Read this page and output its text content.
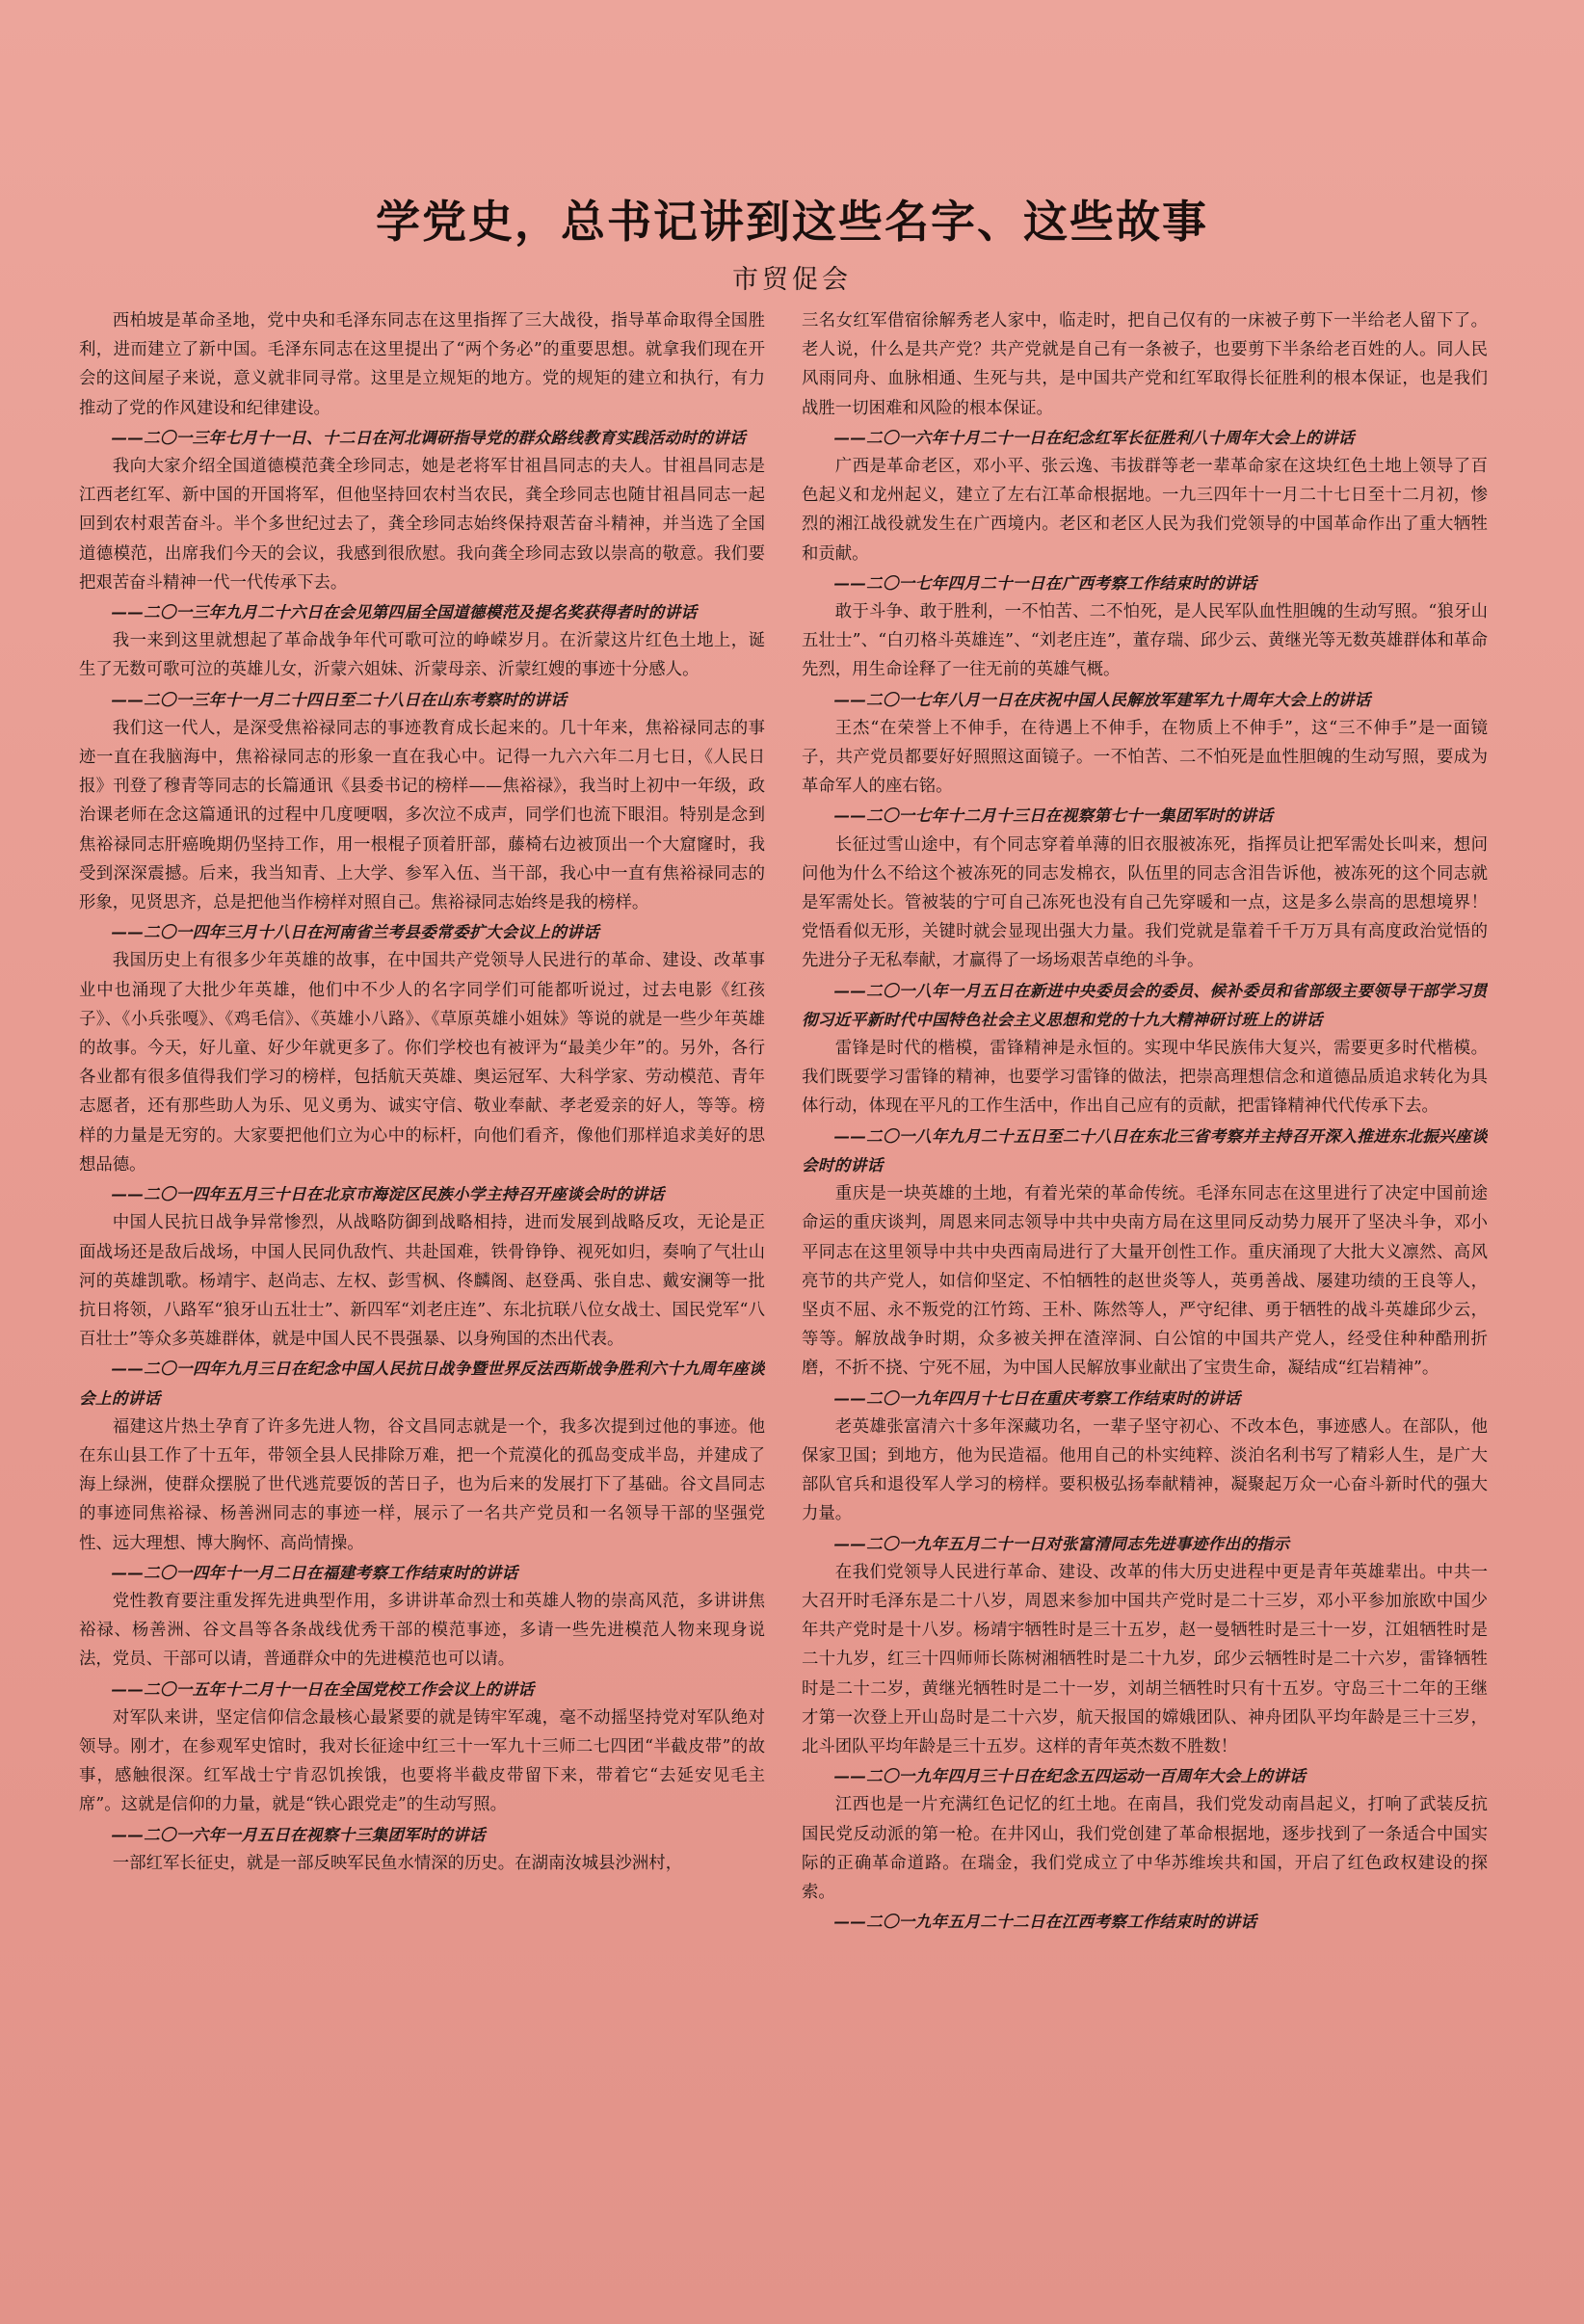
学党史，总书记讲到这些名字、这些故事
市贸促会

西柏坡是革命圣地，党中央和毛泽东同志在这里指挥了三大战役，指导革命取得全国胜利，进而建立了新中国。毛泽东同志在这里提出了“两个务必”的重要思想。就拿我们现在开会的这间屋子来说，意义就非同寻常。这里是立规矩的地方。党的规矩的建立和执行，有力推动了党的作风建设和纪律建设。

——二〇一三年七月十一日、十二日在河北调研指导党的群众路线教育实践活动时的讲话

我向大家介绍全国道德模范龚全珍同志，她是老将军甘祖昌同志的夫人。甘祖昌同志是江西老红军、新中国的开国将军，但他坚持回农村当农民，龚全珍同志也随甘祖昌同志一起回到农村艰苦奋斗。半个多世纪过去了，龚全珍同志始终保持艰苦奋斗精神，并当选了全国道德模范，出席我们今天的会议，我感到很欣慰。我向龚全珍同志致以崇高的敬意。我们要把艰苦奋斗精神一代一代传承下去。

——二〇一三年九月二十六日在会见第四届全国道德模范及提名奖获得者时的讲话

我一来到这里就想起了革命战争年代可歌可泣的峥嵘岁月。在沂蒙这片红色土地上，诞生了无数可歌可泣的英雄儿女，沂蒙六姐妹、沂蒙母亲、沂蒙红嫂的事迹十分感人。

——二〇一三年十一月二十四日至二十八日在山东考察时的讲话

我们这一代人，是深受焦裕禄同志的事迹教育成长起来的。几十年来，焦裕禄同志的事迹一直在我脑海中，焦裕禄同志的形象一直在我心中。记得一九六六年二月七日，《人民日报》刊登了穆青等同志的长篇通讯《县委书记的榜样——焦裕禄》，我当时上初中一年级，政治课老师在念这篇通讯的过程中几度哽咽，多次泣不成声，同学们也流下眼泪。特别是念到焦裕禄同志肝癌晚期仍坚持工作，用一根棍子顶着肝部，藤椅右边被顶出一个大窟窿时，我受到深深震撼。后来，我当知青、上大学、参军入伍、当干部，我心中一直有焦裕禄同志的形象，见贤思齐，总是把他当作榜样对照自己。焦裕禄同志始终是我的榜样。

——二〇一四年三月十八日在河南省兰考县委常委扩大会议上的讲话

我国历史上有很多少年英雄的故事，在中国共产党领导人民进行的革命、建设、改革事业中也涌现了大批少年英雄，他们中不少人的名字同学们可能都听说过，过去电影《红孩子》、《小兵张嘎》、《鸡毛信》、《英雄小八路》、《草原英雄小姐妹》等说的就是一些少年英雄的故事。今天，好儿童、好少年就更多了。你们学校也有被评为“最美少年”的。另外，各行各业都有很多值得我们学习的榜样，包括航天英雄、奥运冠军、大科学家、劳动模范、青年志愿者，还有那些助人为乐、见义勇为、诚实守信、敬业奉献、孝老爱亲的好人，等等。榜样的力量是无穷的。大家要把他们立为心中的标杆，向他们看齐，像他们那样追求美好的思想品德。

——二〇一四年五月三十日在北京市海淀区民族小学主持召开座谈会时的讲话

中国人民抗日战争异常惨烈，从战略防御到战略相持，进而发展到战略反攻，无论是正面战场还是敌后战场，中国人民同仇敌忾、共赴国难，铁骨铮铮、视死如归，奏响了气壮山河的英雄凯歌。杨靖宇、赵尚志、左权、彭雪枫、佟麟阁、赵登禹、张自忠、戴安澜等一批抗日将领，八路军“狼牙山五壮士”、新四军“刘老庄连”、东北抗联八位女战士、国民党军“八百壮士”等众多英雄群体，就是中国人民不畏强暴、以身殉国的杰出代表。

——二〇一四年九月三日在纪念中国人民抗日战争暨世界反法西斯战争胜利六十九周年座谈会上的讲话

福建这片热土孕育了许多先进人物，谷文昌同志就是一个，我多次提到过他的事迹。他在东山县工作了十五年，带领全县人民排除万难，把一个荒漠化的孤岛变成半岛，并建成了海上绿洲，使群众摆脱了世代逃荒要饭的苦日子，也为后来的发展打下了基础。谷文昌同志的事迹同焦裕禄、杨善洲同志的事迹一样，展示了一名共产党员和一名领导干部的坚强党性、远大理想、博大胸怀、高尚情操。

——二〇一四年十一月二日在福建考察工作结束时的讲话

党性教育要注重发挥先进典型作用，多讲讲革命烈士和英雄人物的崇高风范，多讲讲焦裕禄、杨善洲、谷文昌等各条战线优秀干部的模范事迹，多请一些先进模范人物来现身说法，党员、干部可以请，普通群众中的先进模范也可以请。

——二〇一五年十二月十一日在全国党校工作会议上的讲话

对军队来讲，坚定信仰信念最核心最紧要的就是铸牢军魂，毫不动摇坚持党对军队绝对领导。刚才，在参观军史馆时，我对长征途中红三十一军九十三师二七四团“半截皮带”的故事，感触很深。红军战士宁肯忍饥挨饿，也要将半截皮带留下来，带着它“去延安见毛主席”。这就是信仰的力量，就是“铁心跟党走”的生动写照。

——二〇一六年一月五日在视察十三集团军时的讲话

一部红军长征史，就是一部反映军民鱼水情深的历史。在湖南汝城县沙洲村，

三名女红军借宿徐解秀老人家中，临走时，把自己仅有的一床被子剪下一半给老人留下了。老人说，什么是共产党？共产党就是自己有一条被子，也要剪下半条给老百姓的人。同人民风雨同舟、血脉相通、生死与共，是中国共产党和红军取得长征胜利的根本保证，也是我们战胜一切困难和风险的根本保证。

——二〇一六年十月二十一日在纪念红军长征胜利八十周年大会上的讲话

广西是革命老区，邓小平、张云逸、韦拔群等老一辈革命家在这块红色土地上领导了百色起义和龙州起义，建立了左右江革命根据地。一九三四年十一月二十七日至十二月初，惨烈的湘江战役就发生在广西境内。老区和老区人民为我们党领导的中国革命作出了重大牺牲和贡献。

——二〇一七年四月二十一日在广西考察工作结束时的讲话

敢于斗争、敢于胜利，一不怕苦、二不怕死，是人民军队血性胆魄的生动写照。“狼牙山五壮士”、“白刃格斗英雄连”、“刘老庄连”，董存瑞、邱少云、黄继光等无数英雄群体和革命先烈，用生命诠释了一往无前的英雄气概。

——二〇一七年八月一日在庆祝中国人民解放军建军九十周年大会上的讲话

王杰“在荣誉上不伸手，在待遇上不伸手，在物质上不伸手”，这“三不伸手”是一面镜子，共产党员都要好好照照这面镜子。一不怕苦、二不怕死是血性胆魄的生动写照，要成为革命军人的座右铭。

——二〇一七年十二月十三日在视察第七十一集团军时的讲话

长征过雪山途中，有个同志穿着单薄的旧衣服被冻死，指挥员让把军需处长叫来，想问问他为什么不给这个被冻死的同志发棉衣，队伍里的同志含泪告诉他，被冻死的这个同志就是军需处长。管被装的宁可自己冻死也没有自己先穿暖和一点，这是多么崇高的思想境界！党悟看似无形，关键时就会显现出强大力量。我们党就是靠着千千万万具有高度政治觉悟的先进分子无私奉献，才赢得了一场场艰苦卓绝的斗争。

——二〇一八年一月五日在新进中央委员会的委员、候补委员和省部级主要领导干部学习贯彻习近平新时代中国特色社会主义思想和党的十九大精神研讨班上的讲话

雷锋是时代的楷模，雷锋精神是永恒的。实现中华民族伟大复兴，需要更多时代楷模。我们既要学习雷锋的精神，也要学习雷锋的做法，把崇高理想信念和道德品质追求转化为具体行动，体现在平凡的工作生活中，作出自己应有的贡献，把雷锋精神代代传承下去。

——二〇一八年九月二十五日至二十八日在东北三省考察并主持召开深入推进东北振兴座谈会时的讲话

重庆是一块英雄的土地，有着光荣的革命传统。毛泽东同志在这里进行了决定中国前途命运的重庆谈判，周恩来同志领导中共中央南方局在这里同反动势力展开了坚决斗争，邓小平同志在这里领导中共中央西南局进行了大量开创性工作。重庆涌现了大批大义凛然、高风亮节的共产党人，如信仰坚定、不怕牺牲的赵世炎等人，英勇善战、屡建功绩的王良等人，坚贞不屈、永不叛党的江竹筠、王朴、陈然等人，严守纪律、勇于牺牲的战斗英雄邱少云，等等。解放战争时期，众多被关押在渣滓洞、白公馆的中国共产党人，经受住种种酷刑折磨，不折不挠、宁死不屈，为中国人民解放事业献出了宝贵生命，凝结成“红岩精神”。

——二〇一九年四月十七日在重庆考察工作结束时的讲话

老英雄张富清六十多年深藏功名，一辈子坚守初心、不改本色，事迹感人。在部队，他保家卫国；到地方，他为民造福。他用自己的朴实纯粹、淡泊名利书写了精彩人生，是广大部队官兵和退役军人学习的榜样。要积极弘扬奉献精神，凝聚起万众一心奋斗新时代的强大力量。

——二〇一九年五月二十一日对张富清同志先进事迹作出的指示

在我们党领导人民进行革命、建设、改革的伟大历史进程中更是青年英雄辈出。中共一大召开时毛泽东是二十八岁，周恩来参加中国共产党时是二十三岁，邓小平参加旅欧中国少年共产党时是十八岁。杨靖宇牺牲时是三十五岁，赵一曼牺牲时是三十一岁，江姐牺牲时是二十九岁，红三十四师师长陈树湘牺牲时是二十九岁，邱少云牺牲时是二十六岁，雷锋牺牲时是二十二岁，黄继光牺牲时是二十一岁，刘胡兰牺牲时只有十五岁。守岛三十二年的王继才第一次登上开山岛时是二十六岁，航天报国的嫦娥团队、神舟团队平均年龄是三十三岁，北斗团队平均年龄是三十五岁。这样的青年英杰数不胜数！

——二〇一九年四月三十日在纪念五四运动一百周年大会上的讲话

江西也是一片充满红色记忆的红土地。在南昌，我们党发动南昌起义，打响了武装反抗国民党反动派的第一枪。在井冈山，我们党创建了革命根据地，逐步找到了一条适合中国实际的正确革命道路。在瑞金，我们党成立了中华苏维埃共和国，开启了红色政权建设的探索。

——二〇一九年五月二十二日在江西考察工作结束时的讲话
